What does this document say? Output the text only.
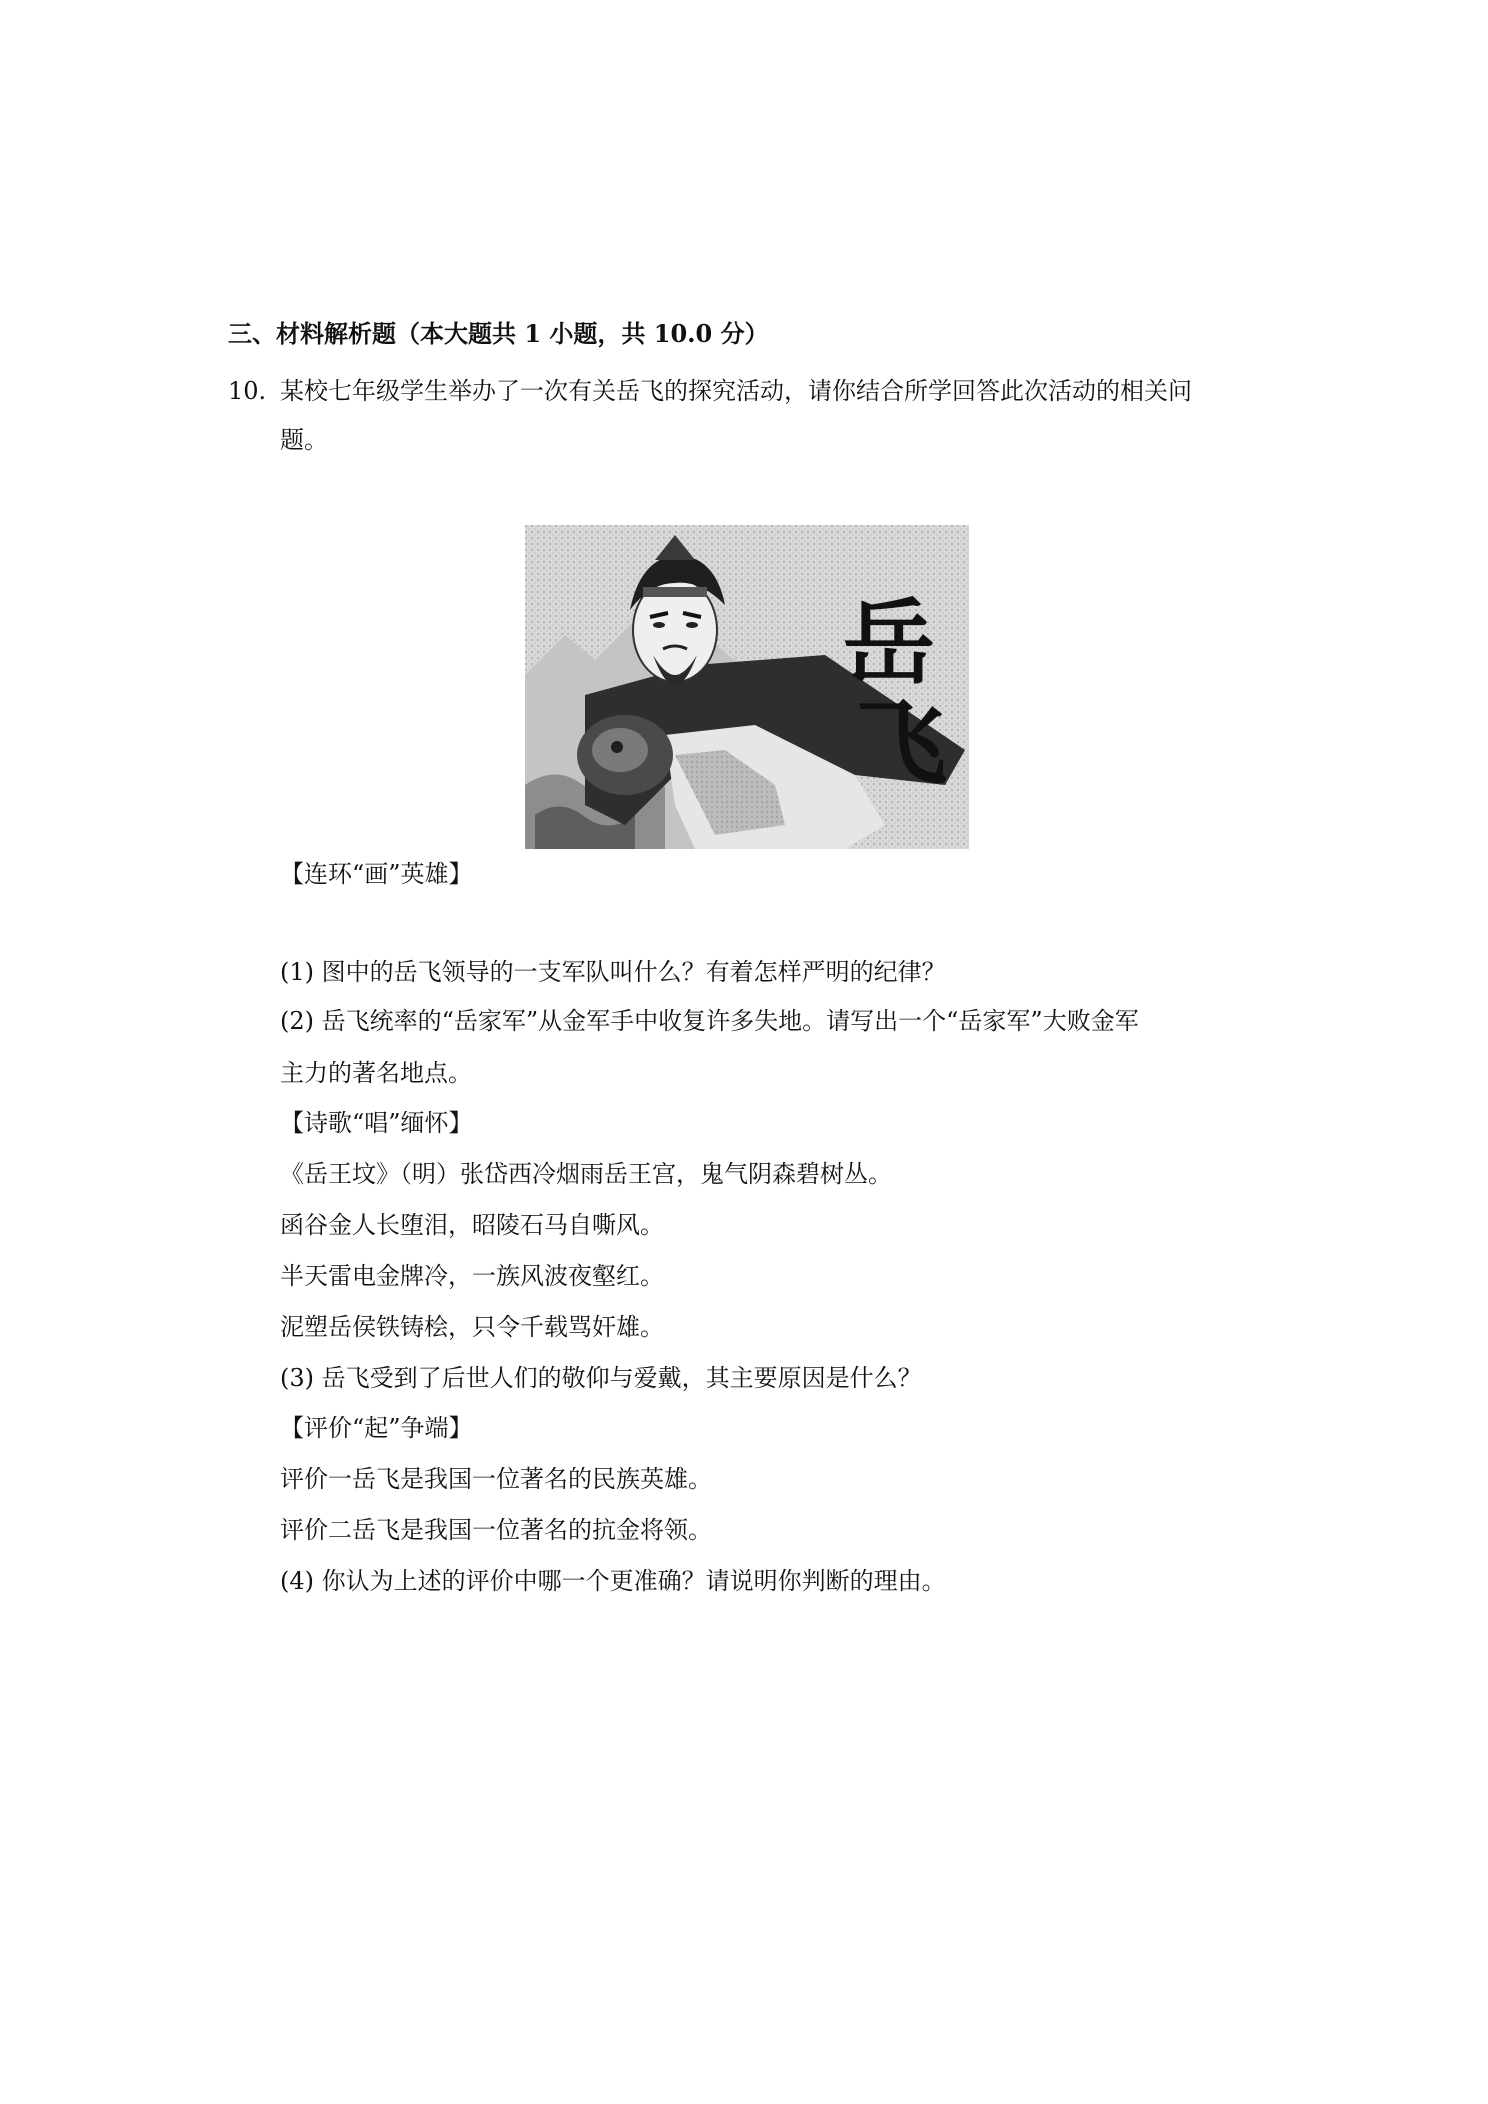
三、材料解析题（本大题共 1 小题，共 10.0 分）
10. 某校七年级学生举办了一次有关岳飞的探究活动，请你结合所学回答此次活动的相关问
题。
岳
飞
【连环“画”英雄】
(1) 图中的岳飞领导的一支军队叫什么？有着怎样严明的纪律？
(2) 岳飞统率的“岳家军”从金军手中收复许多失地。请写出一个“岳家军”大败金军
主力的著名地点。
【诗歌“唱”缅怀】
《岳王坟》（明）张岱西冷烟雨岳王宫，鬼气阴森碧树丛。
函谷金人长堕泪，昭陵石马自嘶风。
半天雷电金牌冷，一族风波夜壑红。
泥塑岳侯铁铸桧，只令千载骂奸雄。
(3) 岳飞受到了后世人们的敬仰与爱戴，其主要原因是什么？
【评价“起”争端】
评价一岳飞是我国一位著名的民族英雄。
评价二岳飞是我国一位著名的抗金将领。
(4) 你认为上述的评价中哪一个更准确？请说明你判断的理由。
